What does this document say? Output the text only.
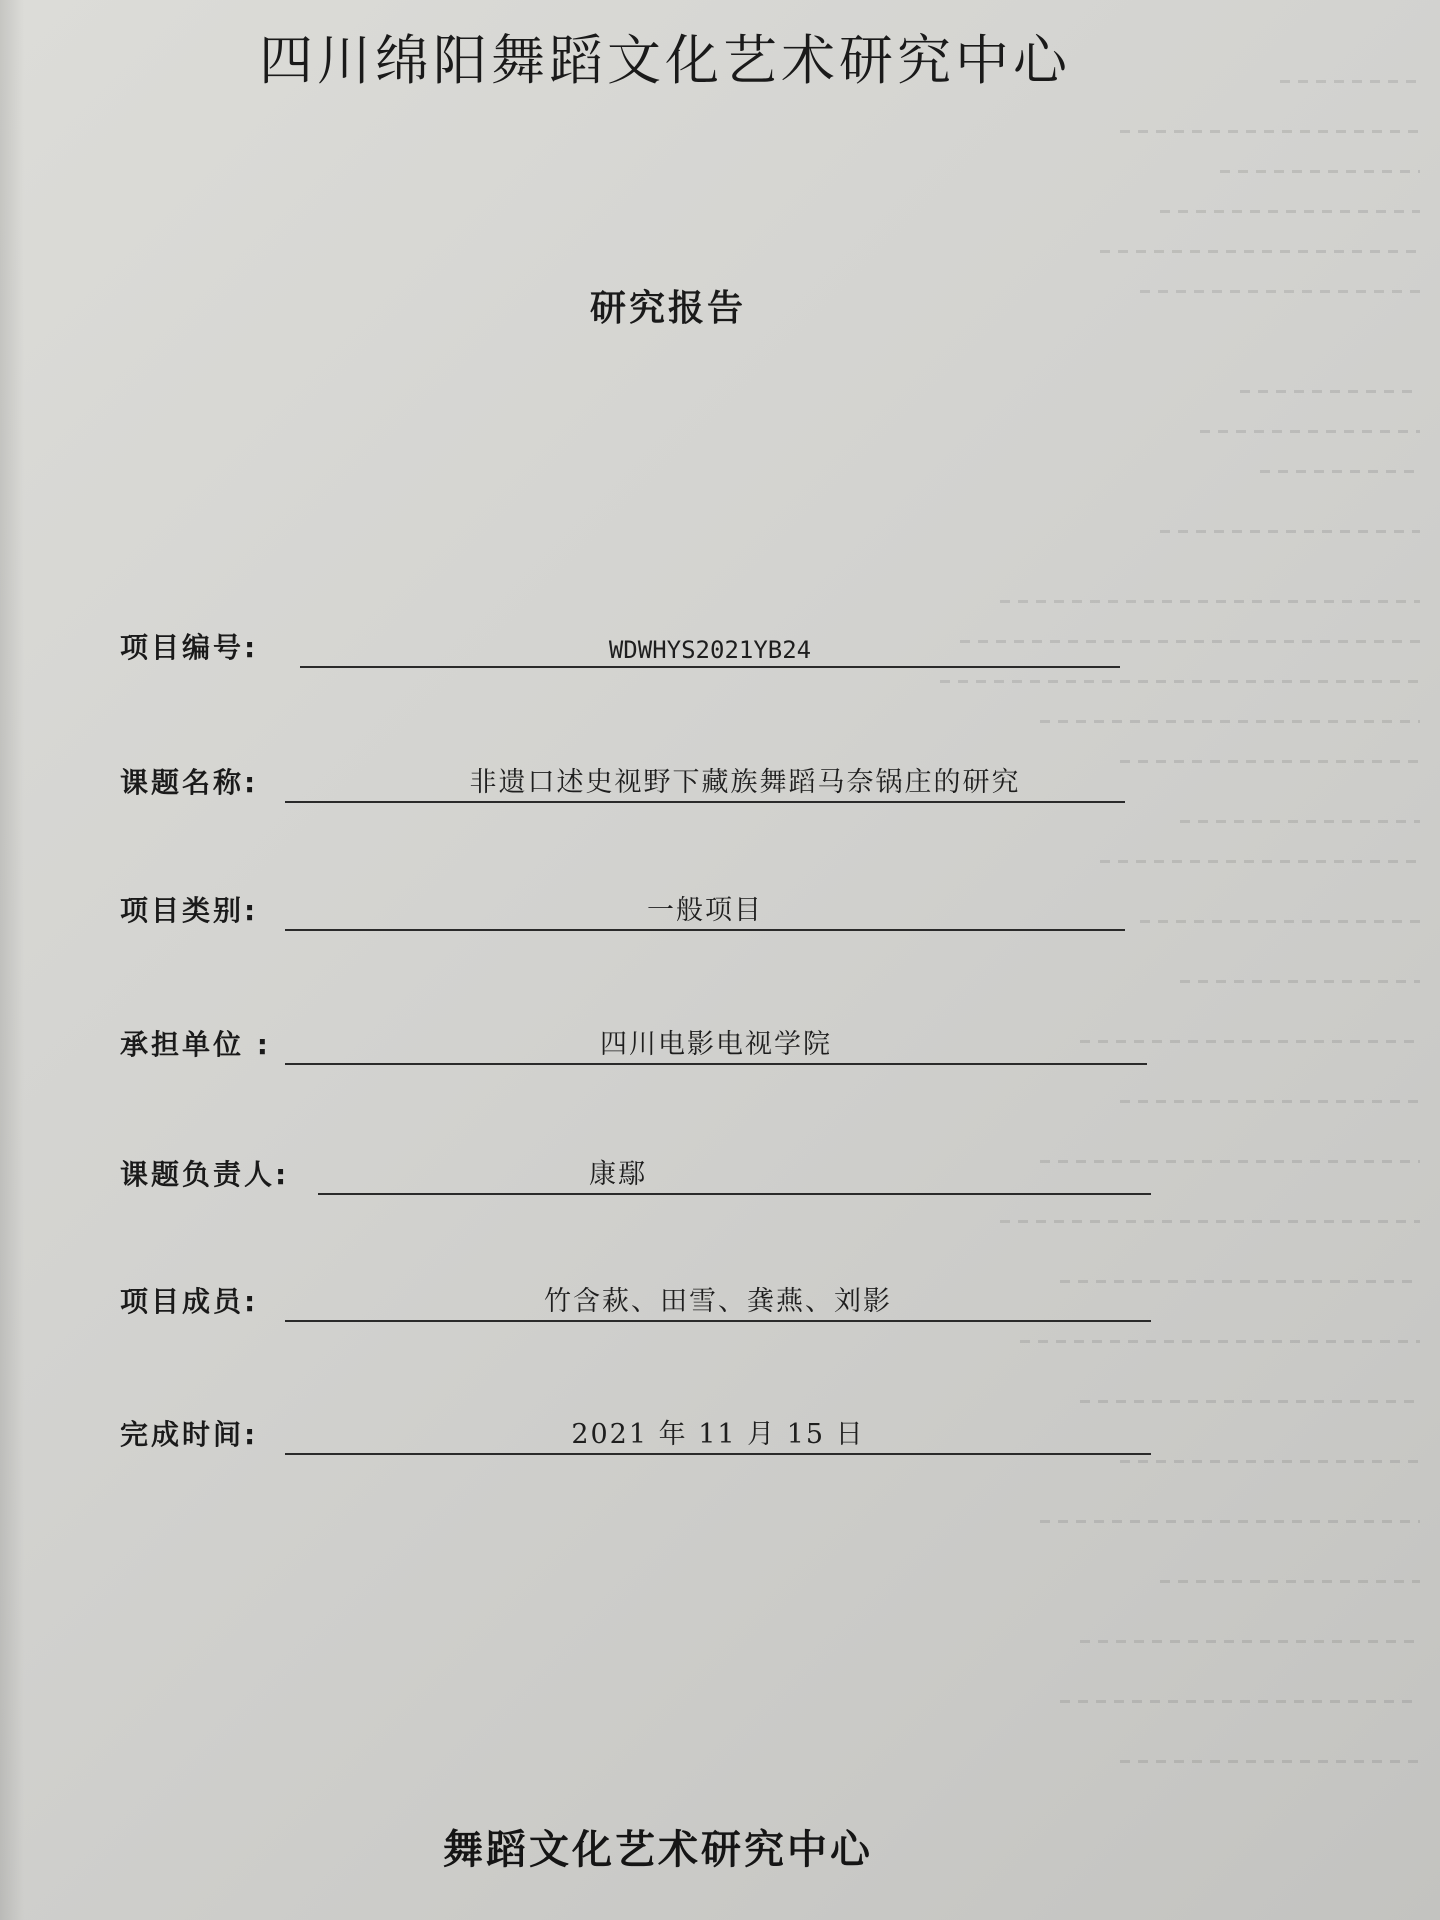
四川绵阳舞蹈文化艺术研究中心
研究报告
项目编号:	WDWHYS2021YB24
课题名称:	非遗口述史视野下藏族舞蹈马奈锅庄的研究
项目类别:	一般项目
承担单位 :	四川电影电视学院
课题负责人:	康鄢
项目成员:	竹含萩、田雪、龚燕、刘影
完成时间:	2021 年 11 月 15 日
舞蹈文化艺术研究中心
